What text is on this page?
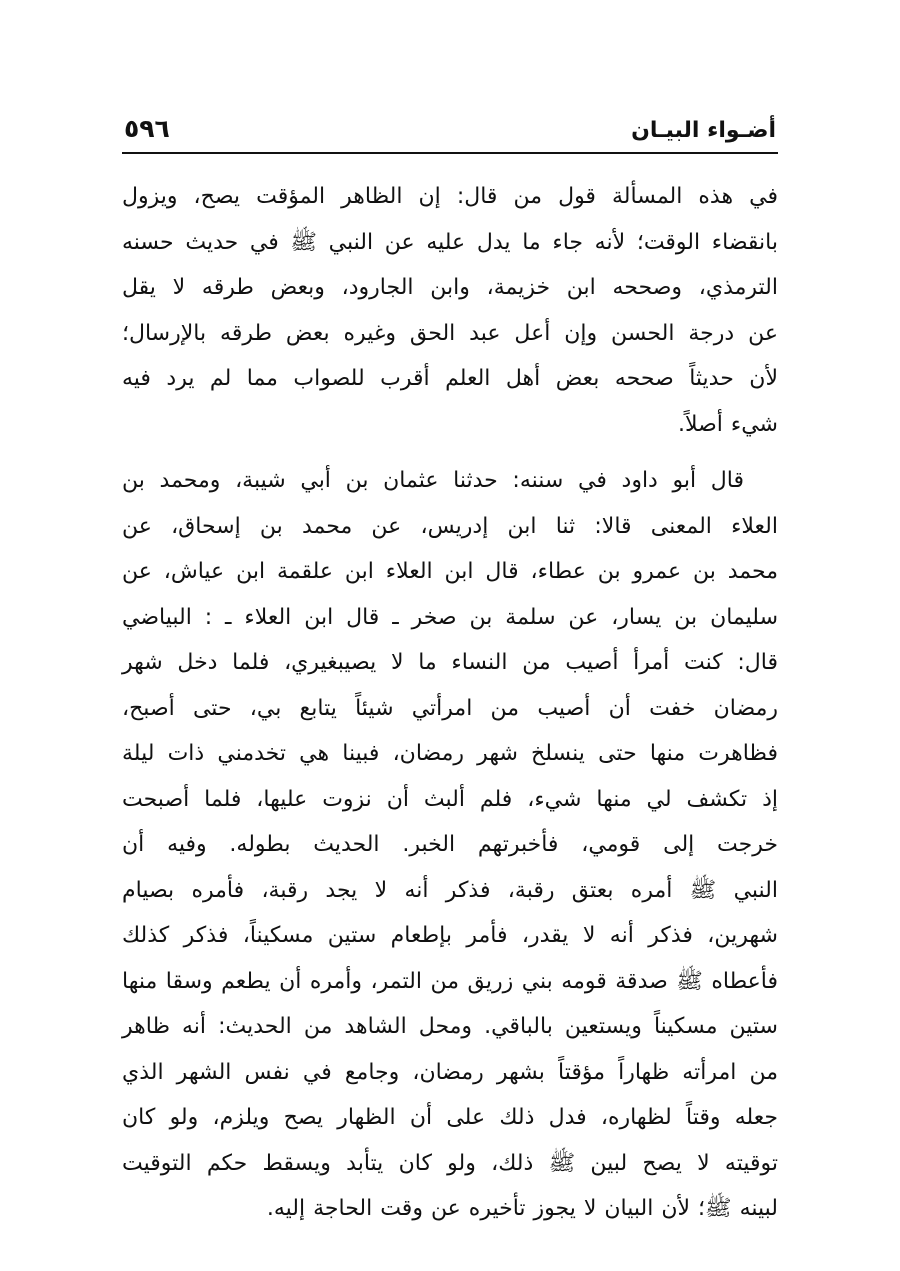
أضـواء البيـان
٥٩٦

في هذه المسألة قول من قال: إن الظاهر المؤقت يصح، ويزول
بانقضاء الوقت؛ لأنه جاء ما يدل عليه عن النبي ﷺ في حديث حسنه
الترمذي، وصححه ابن خزيمة، وابن الجارود، وبعض طرقه لا يقل
عن درجة الحسن وإن أعل عبد الحق وغيره بعض طرقه بالإرسال؛
لأن حديثاً صححه بعض أهل العلم أقرب للصواب مما لم يرد فيه
شيء أصلاً.

قال أبو داود في سننه: حدثنا عثمان بن أبي شيبة، ومحمد بن
العلاء المعنى قالا: ثنا ابن إدريس، عن محمد بن إسحاق، عن
محمد بن عمرو بن عطاء، قال ابن العلاء ابن علقمة ابن عياش، عن
سليمان بن يسار، عن سلمة بن صخر ـ قال ابن العلاء ـ : البياضي
قال: كنت أمرأ أصيب من النساء ما لا يصيبغيري، فلما دخل شهر
رمضان خفت أن أصيب من امرأتي شيئاً يتابع بي، حتى أصبح،
فظاهرت منها حتى ينسلخ شهر رمضان، فبينا هي تخدمني ذات ليلة
إذ تكشف لي منها شيء، فلم ألبث أن نزوت عليها، فلما أصبحت
خرجت إلى قومي، فأخبرتهم الخبر. الحديث بطوله. وفيه أن
النبي ﷺ أمره بعتق رقبة، فذكر أنه لا يجد رقبة، فأمره بصيام
شهرين، فذكر أنه لا يقدر، فأمر بإطعام ستين مسكيناً، فذكر كذلك
فأعطاه ﷺ صدقة قومه بني زريق من التمر، وأمره أن يطعم وسقا منها
ستين مسكيناً ويستعين بالباقي. ومحل الشاهد من الحديث: أنه ظاهر
من امرأته ظهاراً مؤقتاً بشهر رمضان، وجامع في نفس الشهر الذي
جعله وقتاً لظهاره، فدل ذلك على أن الظهار يصح ويلزم، ولو كان
توقيته لا يصح لبين ﷺ ذلك، ولو كان يتأبد ويسقط حكم التوقيت
لبينه ﷺ؛ لأن البيان لا يجوز تأخيره عن وقت الحاجة إليه.
